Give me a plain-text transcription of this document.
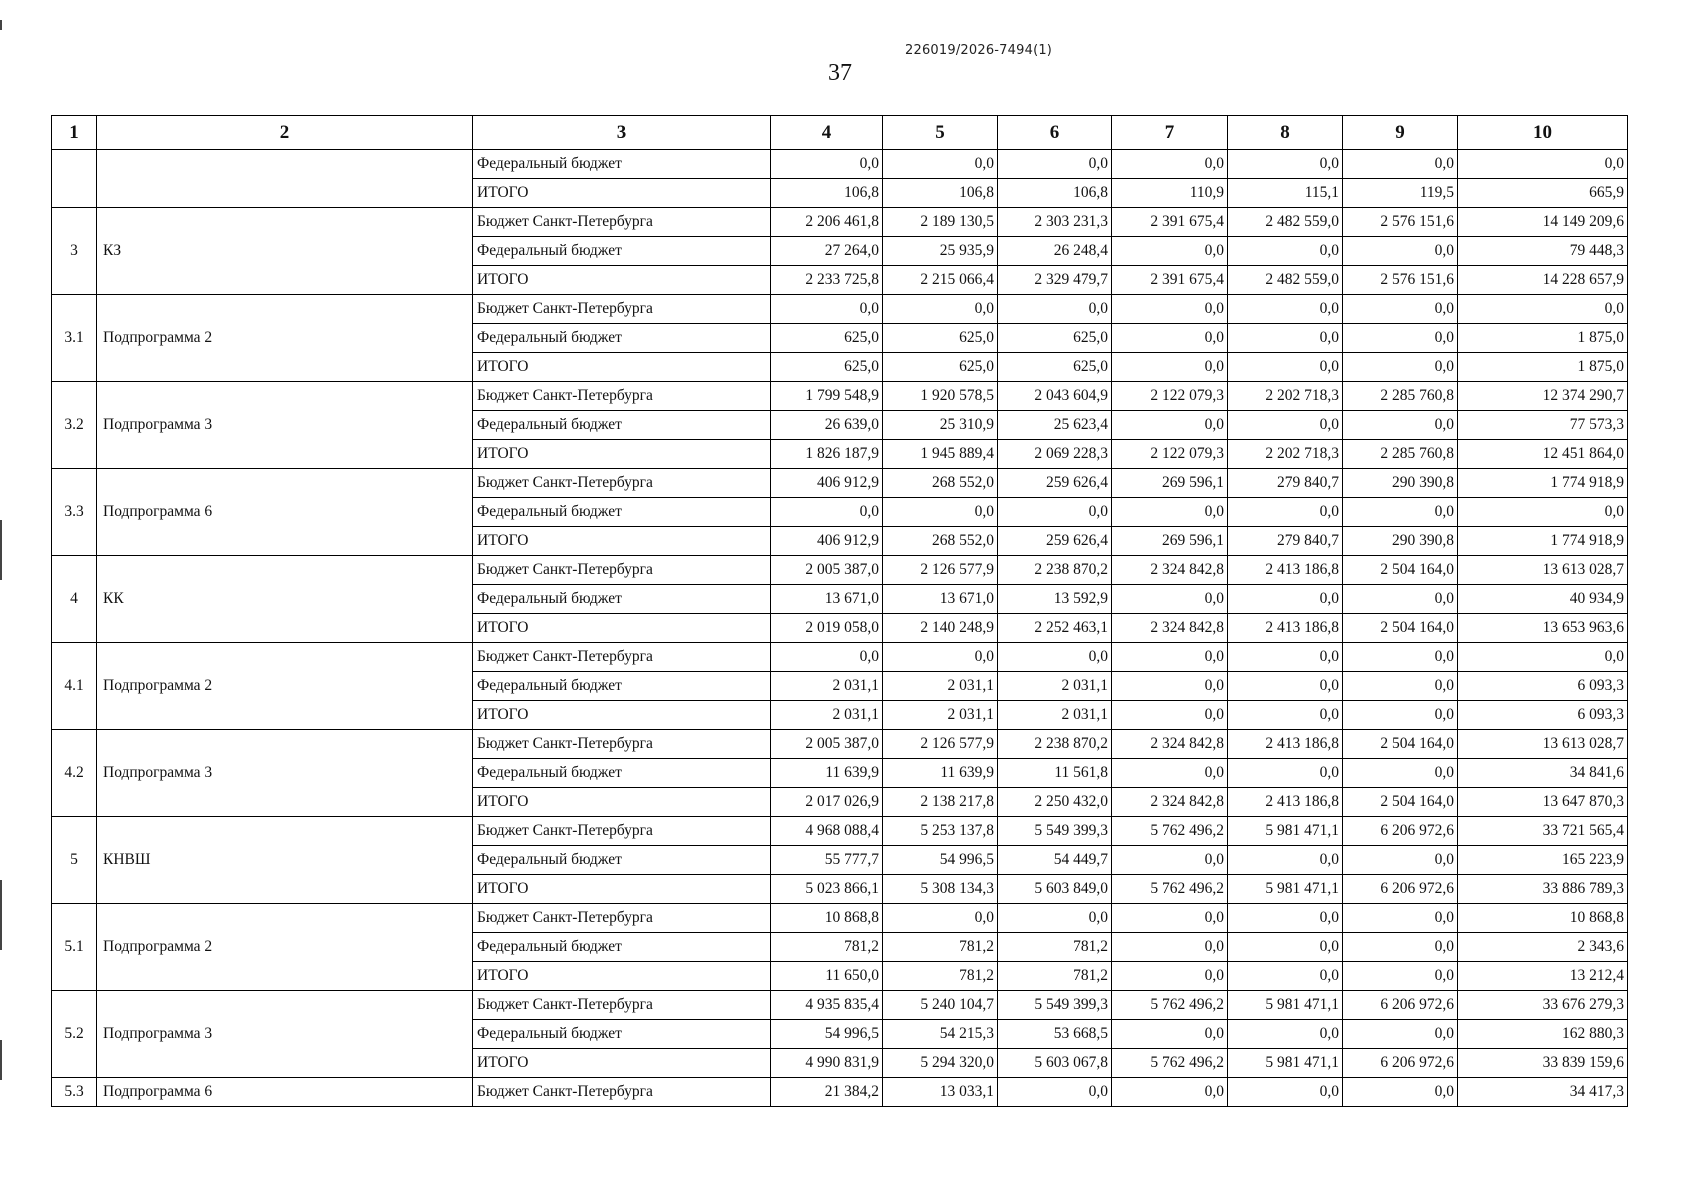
226019/2026-7494(1)
37
1	2	3	4	5	6	7	8	9	10
		Федеральный бюджет	0,0	0,0	0,0	0,0	0,0	0,0	0,0
		ИТОГО	106,8	106,8	106,8	110,9	115,1	119,5	665,9
3	КЗ	Бюджет Санкт-Петербурга	2 206 461,8	2 189 130,5	2 303 231,3	2 391 675,4	2 482 559,0	2 576 151,6	14 149 209,6
		Федеральный бюджет	27 264,0	25 935,9	26 248,4	0,0	0,0	0,0	79 448,3
		ИТОГО	2 233 725,8	2 215 066,4	2 329 479,7	2 391 675,4	2 482 559,0	2 576 151,6	14 228 657,9
3.1	Подпрограмма 2	Бюджет Санкт-Петербурга	0,0	0,0	0,0	0,0	0,0	0,0	0,0
		Федеральный бюджет	625,0	625,0	625,0	0,0	0,0	0,0	1 875,0
		ИТОГО	625,0	625,0	625,0	0,0	0,0	0,0	1 875,0
3.2	Подпрограмма 3	Бюджет Санкт-Петербурга	1 799 548,9	1 920 578,5	2 043 604,9	2 122 079,3	2 202 718,3	2 285 760,8	12 374 290,7
		Федеральный бюджет	26 639,0	25 310,9	25 623,4	0,0	0,0	0,0	77 573,3
		ИТОГО	1 826 187,9	1 945 889,4	2 069 228,3	2 122 079,3	2 202 718,3	2 285 760,8	12 451 864,0
3.3	Подпрограмма 6	Бюджет Санкт-Петербурга	406 912,9	268 552,0	259 626,4	269 596,1	279 840,7	290 390,8	1 774 918,9
		Федеральный бюджет	0,0	0,0	0,0	0,0	0,0	0,0	0,0
		ИТОГО	406 912,9	268 552,0	259 626,4	269 596,1	279 840,7	290 390,8	1 774 918,9
4	КК	Бюджет Санкт-Петербурга	2 005 387,0	2 126 577,9	2 238 870,2	2 324 842,8	2 413 186,8	2 504 164,0	13 613 028,7
		Федеральный бюджет	13 671,0	13 671,0	13 592,9	0,0	0,0	0,0	40 934,9
		ИТОГО	2 019 058,0	2 140 248,9	2 252 463,1	2 324 842,8	2 413 186,8	2 504 164,0	13 653 963,6
4.1	Подпрограмма 2	Бюджет Санкт-Петербурга	0,0	0,0	0,0	0,0	0,0	0,0	0,0
		Федеральный бюджет	2 031,1	2 031,1	2 031,1	0,0	0,0	0,0	6 093,3
		ИТОГО	2 031,1	2 031,1	2 031,1	0,0	0,0	0,0	6 093,3
4.2	Подпрограмма 3	Бюджет Санкт-Петербурга	2 005 387,0	2 126 577,9	2 238 870,2	2 324 842,8	2 413 186,8	2 504 164,0	13 613 028,7
		Федеральный бюджет	11 639,9	11 639,9	11 561,8	0,0	0,0	0,0	34 841,6
		ИТОГО	2 017 026,9	2 138 217,8	2 250 432,0	2 324 842,8	2 413 186,8	2 504 164,0	13 647 870,3
5	КНВШ	Бюджет Санкт-Петербурга	4 968 088,4	5 253 137,8	5 549 399,3	5 762 496,2	5 981 471,1	6 206 972,6	33 721 565,4
		Федеральный бюджет	55 777,7	54 996,5	54 449,7	0,0	0,0	0,0	165 223,9
		ИТОГО	5 023 866,1	5 308 134,3	5 603 849,0	5 762 496,2	5 981 471,1	6 206 972,6	33 886 789,3
5.1	Подпрограмма 2	Бюджет Санкт-Петербурга	10 868,8	0,0	0,0	0,0	0,0	0,0	10 868,8
		Федеральный бюджет	781,2	781,2	781,2	0,0	0,0	0,0	2 343,6
		ИТОГО	11 650,0	781,2	781,2	0,0	0,0	0,0	13 212,4
5.2	Подпрограмма 3	Бюджет Санкт-Петербурга	4 935 835,4	5 240 104,7	5 549 399,3	5 762 496,2	5 981 471,1	6 206 972,6	33 676 279,3
		Федеральный бюджет	54 996,5	54 215,3	53 668,5	0,0	0,0	0,0	162 880,3
		ИТОГО	4 990 831,9	5 294 320,0	5 603 067,8	5 762 496,2	5 981 471,1	6 206 972,6	33 839 159,6
5.3	Подпрограмма 6	Бюджет Санкт-Петербурга	21 384,2	13 033,1	0,0	0,0	0,0	0,0	34 417,3
